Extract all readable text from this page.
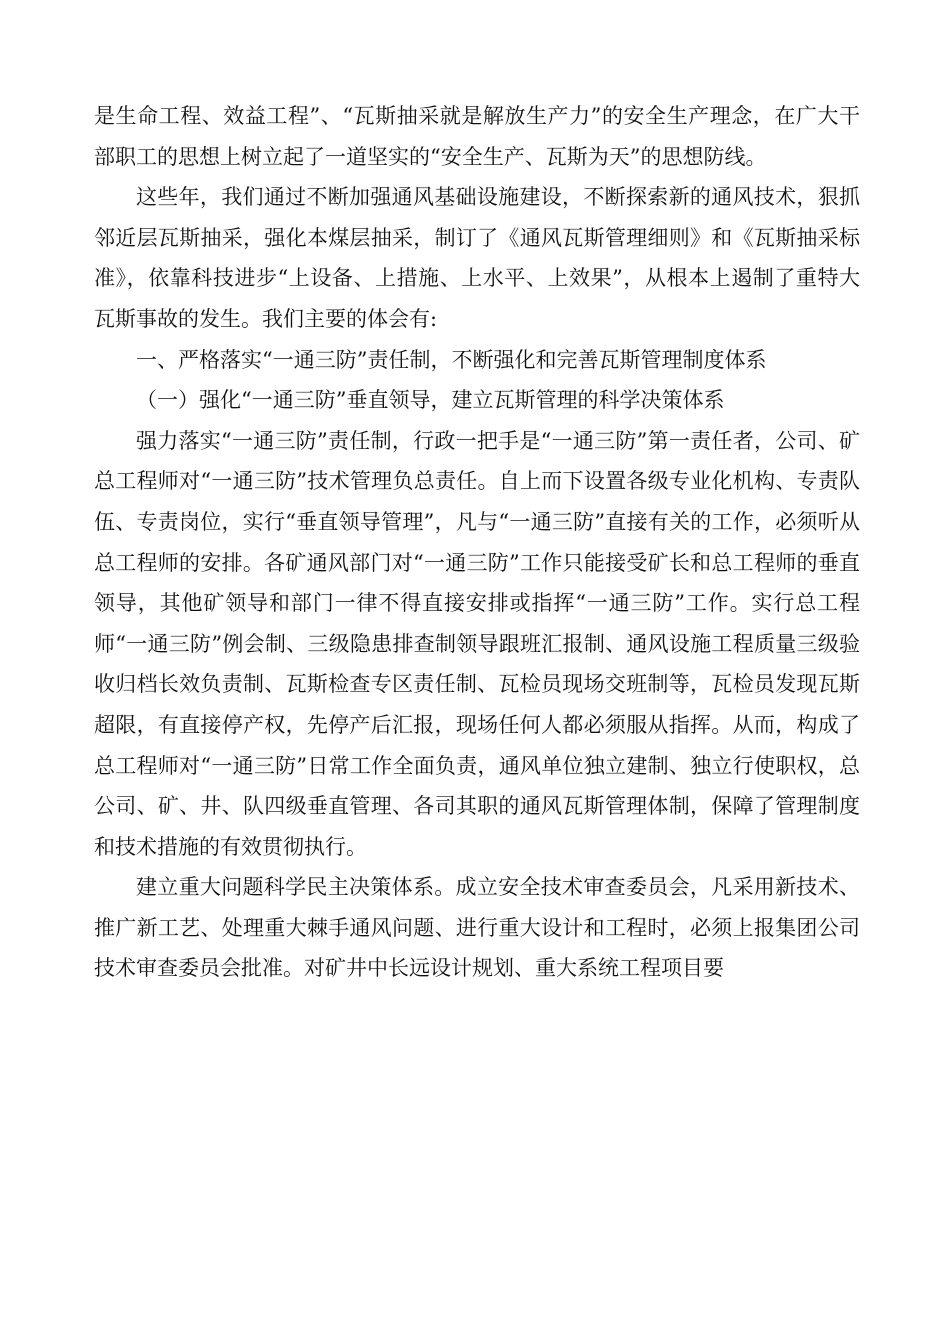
是生命工程、效益工程”、“瓦斯抽采就是解放生产力”的安全生产理念，在广大干部职工的思想上树立起了一道坚实的“安全生产、瓦斯为天”的思想防线。

这些年，我们通过不断加强通风基础设施建设，不断探索新的通风技术，狠抓邻近层瓦斯抽采，强化本煤层抽采，制订了《通风瓦斯管理细则》和《瓦斯抽采标准》，依靠科技进步“上设备、上措施、上水平、上效果”，从根本上遏制了重特大瓦斯事故的发生。我们主要的体会有:

一、严格落实“一通三防”责任制，不断强化和完善瓦斯管理制度体系

（一）强化“一通三防”垂直领导，建立瓦斯管理的科学决策体系

强力落实“一通三防”责任制，行政一把手是“一通三防”第一责任者，公司、矿总工程师对“一通三防”技术管理负总责任。自上而下设置各级专业化机构、专责队伍、专责岗位，实行“垂直领导管理”，凡与“一通三防”直接有关的工作，必须听从总工程师的安排。各矿通风部门对“一通三防”工作只能接受矿长和总工程师的垂直领导，其他矿领导和部门一律不得直接安排或指挥“一通三防”工作。实行总工程师“一通三防”例会制、三级隐患排查制领导跟班汇报制、通风设施工程质量三级验收归档长效负责制、瓦斯检查专区责任制、瓦检员现场交班制等，瓦检员发现瓦斯超限，有直接停产权，先停产后汇报，现场任何人都必须服从指挥。从而，构成了总工程师对“一通三防”日常工作全面负责，通风单位独立建制、独立行使职权，总公司、矿、井、队四级垂直管理、各司其职的通风瓦斯管理体制，保障了管理制度和技术措施的有效贯彻执行。

建立重大问题科学民主决策体系。成立安全技术审查委员会，凡采用新技术、推广新工艺、处理重大棘手通风问题、进行重大设计和工程时，必须上报集团公司技术审查委员会批准。对矿井中长远设计规划、重大系统工程项目要
